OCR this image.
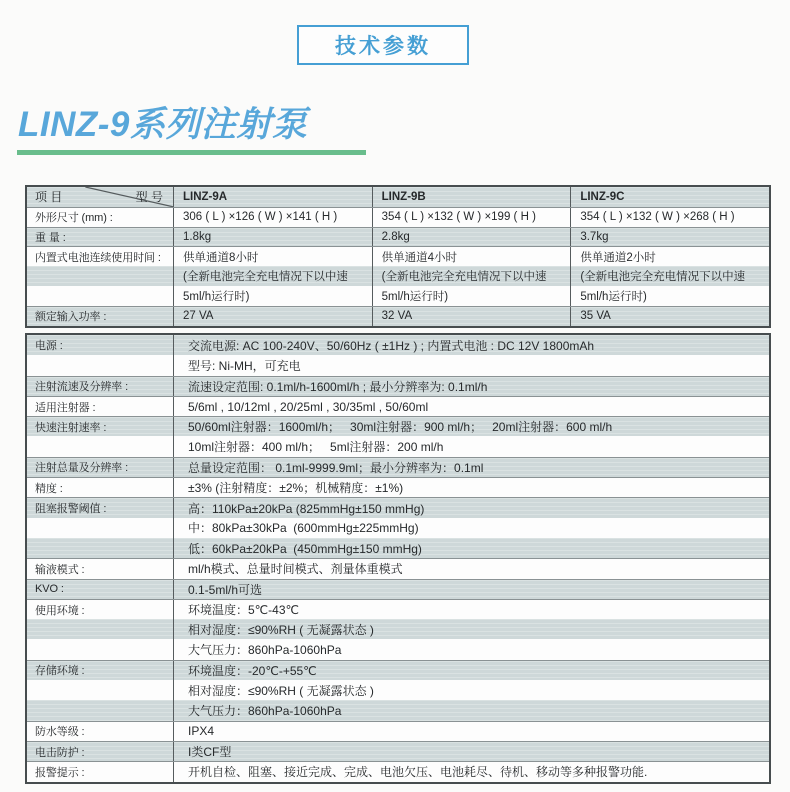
技术参数
LINZ-9系列注射泵
项 目	型 号	LINZ-9A	LINZ-9B	LINZ-9C
外形尺寸 (mm) :	306 ( L ) ×126 ( W ) ×141 ( H )	354 ( L ) ×132 ( W ) ×199 ( H )	354 ( L ) ×132 ( W ) ×268 ( H )
重 量 :	1.8kg	2.8kg	3.7kg
内置式电池连续使用时间 :	供单通道8小时	供单通道4小时	供单通道2小时
(全新电池完全充电情况下以中速	(全新电池完全充电情况下以中速	(全新电池完全充电情况下以中速
5ml/h运行时)	5ml/h运行时)	5ml/h运行时)
额定输入功率 :	27 VA	32 VA	35 VA
电源 :	交流电源: AC 100-240V、50/60Hz ( ±1Hz ) ; 内置式电池 : DC 12V 1800mAh
型号: Ni-MH，可充电
注射流速及分辨率 :	流速设定范围: 0.1ml/h-1600ml/h ; 最小分辨率为: 0.1ml/h
适用注射器 :	5/6ml , 10/12ml , 20/25ml , 30/35ml , 50/60ml
快速注射速率 :	50/60ml注射器：1600ml/h；   30ml注射器：900 ml/h；   20ml注射器：600 ml/h
10ml注射器：400 ml/h；   5ml注射器：200 ml/h
注射总量及分辨率 :	总量设定范围： 0.1ml-9999.9ml；最小分辨率为：0.1ml
精度 :	±3% (注射精度：±2%；机械精度：±1%)
阻塞报警阈值 :	高：110kPa±20kPa (825mmHg±150 mmHg)
中：80kPa±30kPa  (600mmHg±225mmHg)
低：60kPa±20kPa  (450mmHg±150 mmHg)
输液模式 :	ml/h模式、总量时间模式、剂量体重模式
KVO :	0.1-5ml/h可选
使用环境 :	环境温度：5℃-43℃
相对湿度：≤90%RH ( 无凝露状态 )
大气压力：860hPa-1060hPa
存储环境 :	环境温度：-20℃-+55℃
相对湿度：≤90%RH ( 无凝露状态 )
大气压力：860hPa-1060hPa
防水等级 :	IPX4
电击防护 :	I类CF型
报警提示 :	开机自检、阻塞、接近完成、完成、电池欠压、电池耗尽、待机、移动等多种报警功能.
